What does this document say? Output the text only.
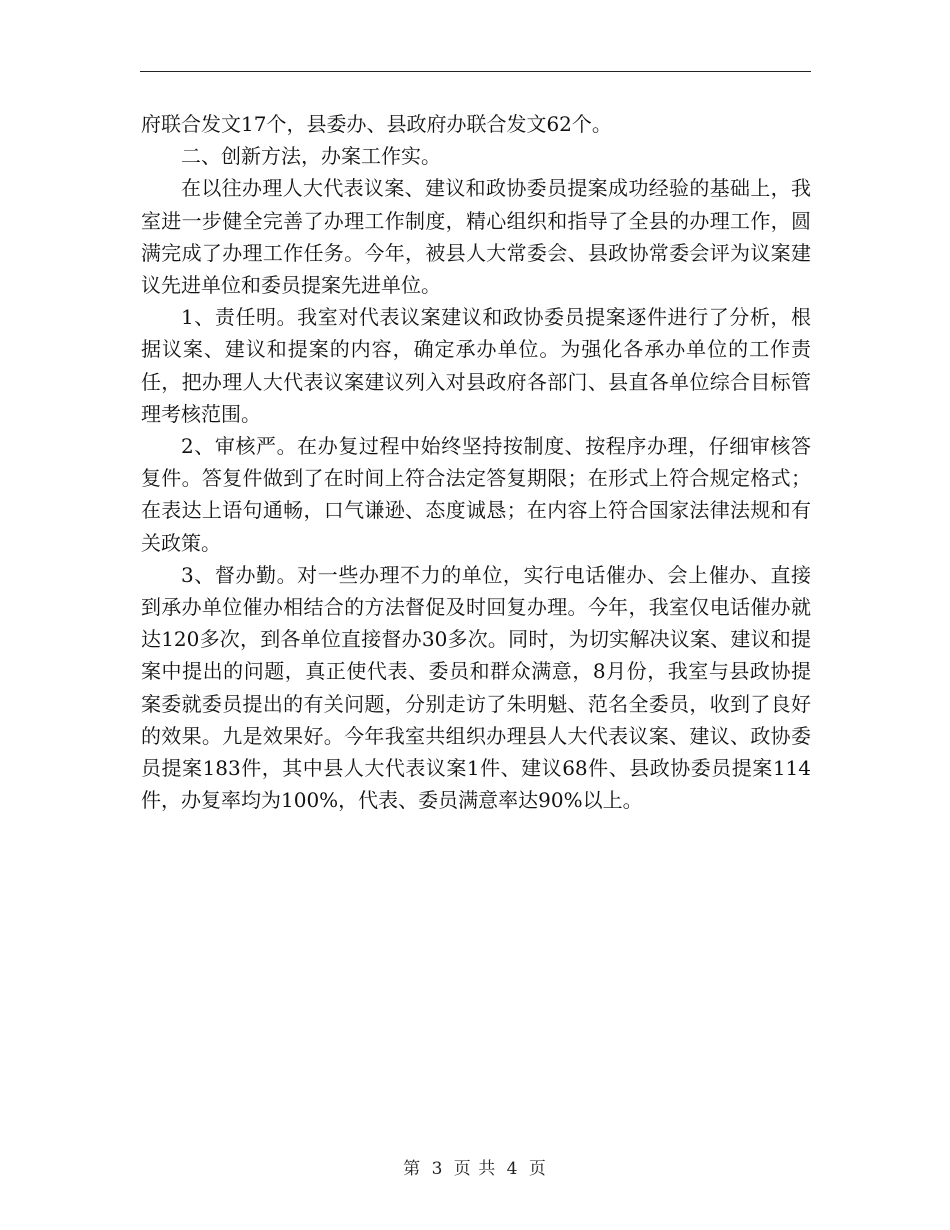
府联合发文17个，县委办、县政府办联合发文62个。

二、创新方法，办案工作实。

在以往办理人大代表议案、建议和政协委员提案成功经验的基础上，我室进一步健全完善了办理工作制度，精心组织和指导了全县的办理工作，圆满完成了办理工作任务。今年，被县人大常委会、县政协常委会评为议案建议先进单位和委员提案先进单位。

1、责任明。我室对代表议案建议和政协委员提案逐件进行了分析，根据议案、建议和提案的内容，确定承办单位。为强化各承办单位的工作责任，把办理人大代表议案建议列入对县政府各部门、县直各单位综合目标管理考核范围。

2、审核严。在办复过程中始终坚持按制度、按程序办理，仔细审核答复件。答复件做到了在时间上符合法定答复期限；在形式上符合规定格式；在表达上语句通畅，口气谦逊、态度诚恳；在内容上符合国家法律法规和有关政策。

3、督办勤。对一些办理不力的单位，实行电话催办、会上催办、直接到承办单位催办相结合的方法督促及时回复办理。今年，我室仅电话催办就达120多次，到各单位直接督办30多次。同时，为切实解决议案、建议和提案中提出的问题，真正使代表、委员和群众满意，8月份，我室与县政协提案委就委员提出的有关问题，分别走访了朱明魁、范名全委员，收到了良好的效果。九是效果好。今年我室共组织办理县人大代表议案、建议、政协委员提案183件，其中县人大代表议案1件、建议68件、县政协委员提案114件，办复率均为100%，代表、委员满意率达90%以上。

第 3 页 共 4 页
